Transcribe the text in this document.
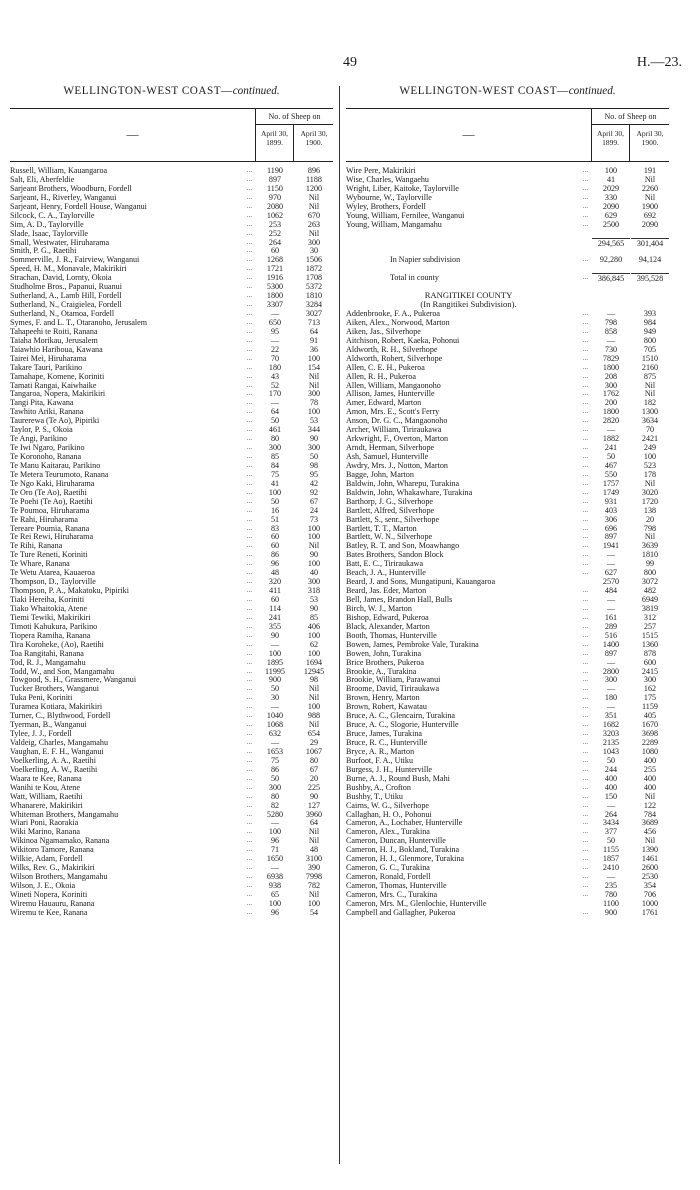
49	H.—23.
WELLINGTON-WEST COAST—continued.
—
No. of Sheep on
April 30, 1899.
April 30, 1900.
Russell, William, Kauangaroa	...	1190	896
Salt, Eli, Aberfeldie	...	897	1188
Sarjeant Brothers, Woodburn, Fordell	...	1150	1200
Sarjeant, H., Riverley, Wanganui	...	970	Nil
Sarjeant, Henry, Fordell House, Wanganui	...	2080	Nil
Silcock, C. A., Taylorville	...	1062	670
Sim, A. D., Taylorville	...	253	263
Slade, Isaac, Taylorville	...	252	Nil
Small, Westwater, Hiruharama	...	264	300
Smith, P. G., Raetihi	...	60	30
Sommerville, J. R., Fairview, Wanganui	...	1268	1506
Speed, H. M., Monavale, Makirikiri	...	1721	1872
Strachan, David, Lornty, Okoia	...	1916	1708
Studholme Bros., Papanui, Ruanui	...	5300	5372
Sutherland, A., Lamb Hill, Fordell	...	1800	1810
Sutherland, N., Craigielea, Fordell	...	3307	3284
Sutherland, N., Otamoa, Fordell	...	—	3027
Symes, F. and L. T., Otaranoho, Jerusalem	...	650	713
Tahapeehi te Roiti, Ranana	...	95	64
Taiaha Morikau, Jerusalem	...	—	91
Taiawhio Hariboua, Kawana	...	22	36
Tairei Mei, Hiruharama	...	70	100
Takare Tauri, Parikino	...	180	154
Tamahape, Komene, Koriniti	...	43	Nil
Tamati Rangai, Kaiwhaike	...	52	Nil
Tangaroa, Nopera, Makirikiri	...	170	300
Tangi Pita, Kawana	...	—	78
Tawhito Ariki, Ranana	...	64	100
Taurerewa (Te Ao), Pipiriki	...	50	53
Taylor, P. S., Okoia	...	461	344
Te Angi, Parikino	...	80	90
Te Iwi Ngaro, Parikino	...	300	300
Te Koronoho, Ranana	...	85	50
Te Manu Kaitarau, Parikino	...	84	98
Te Metera Teurumoto, Ranana	...	75	95
Te Ngo Kaki, Hiruharama	...	41	42
Te Oro (Te Ao), Raetihi	...	100	92
Te Poehi (Te Ao), Raetihi	...	50	67
Te Poumoa, Hiruharama	...	16	24
Te Rahi, Hiruharama	...	51	73
Tereare Poumia, Ranana	...	83	100
Te Rei Rewi, Hiruharama	...	60	100
Te Rihi, Ranana	...	60	Nil
Te Ture Reneti, Koriniti	...	86	90
Te Whare, Ranana	...	96	100
Te Wetu Atarea, Kauaeroa	...	48	40
Thompson, D., Taylorville	...	320	300
Thompson, P. A., Makatoku, Pipiriki	...	411	318
Tiaki Hereiha, Koriniti	...	60	53
Tiako Whaitokia, Atene	...	114	90
Tiemi Tewiki, Makirikiri	...	241	85
Timoti Kahukura, Parikino	...	355	406
Tiopera Ramiha, Ranana	...	90	100
Tira Koroheke, (Ao), Raetihi	...	—	62
Toa Rangitahi, Ranana	...	100	100
Tod, R. J., Mangamahu	...	1895	1694
Todd, W., and Son, Mangamahu	...	11995	12945
Towgood, S. H., Grassmere, Wanganui	...	900	98
Tucker Brothers, Wanganui	...	50	Nil
Tuka Peni, Koriniti	...	30	Nil
Turamea Kotiara, Makirikiri	...	—	100
Turner, C., Blythwood, Fordell	...	1040	988
Tyerman, B., Wanganui	...	1068	Nil
Tylee, J. J., Fordell	...	632	654
Valdeig, Charles, Mangamahu	...	—	29
Vaughan, E. F. H., Wanganui	...	1653	1067
Voelkerling, A. A., Raetihi	...	75	80
Voelkerling, A. W., Raetihi	...	86	67
Waara te Kee, Ranana	...	50	20
Wanihi te Kou, Atene	...	300	225
Watt, William, Raetihi	...	80	90
Whanarere, Makirikiri	...	82	127
Whiteman Brothers, Mangamahu	...	5280	3960
Wiari Poni, Raorakia	...	—	64
Wiki Marino, Ranana	...	100	Nil
Wikinoa Ngamamako, Ranana	...	96	Nil
Wikitoro Tamore, Ranana	...	71	48
Wilkie, Adam, Fordell	...	1650	3100
Wilks, Rev. G., Makirikiri	...	—	390
Wilson Brothers, Mangamahu	...	6938	7998
Wilson, J. E., Okoia	...	938	782
Wineti Nopera, Koriniti	...	65	Nil
Wiremu Hauauru, Ranana	...	100	100
Wiremu te Kee, Ranana	...	96	54
WELLINGTON-WEST COAST—continued.
—
No. of Sheep on
April 30, 1899.
April 30, 1900.
Wire Pere, Makirikiri	...	100	191
Wise, Charles, Wangaehu	...	41	Nil
Wright, Liber, Kaitoke, Taylorville	...	2029	2260
Wybourne, W., Taylorville	...	330	Nil
Wyley, Brothers, Fordell	...	2090	1900
Young, William, Fernilee, Wanganui	...	629	692
Young, William, Mangamahu	...	2500	2090
294,565	301,404
In Napier subdivision	...	92,280	94,124
Total in county	...	386,845	395,528
RANGITIKEI COUNTY
(In Rangitikei Subdivision).
Addenbrooke, F. A., Pukeroa	...	—	393
Aiken, Alex., Norwood, Marton	...	798	984
Aiken, Jas., Silverhope	...	858	949
Aitchison, Robert, Kaeka, Pohonui	...	—	800
Aldworth, R. H., Silverhope	...	730	705
Aldworth, Robert, Silverhope	...	7829	1510
Allen, C. E. H., Pukeroa	...	1800	2160
Allen, R. H., Pukeroa	...	208	875
Allen, William, Mangaonoho	...	300	Nil
Allison, James, Hunterville	...	1762	Nil
Amer, Edward, Marton	...	200	182
Amon, Mrs. E., Scott's Ferry	...	1800	1300
Anson, Dr. G. C., Mangaonoho	...	2820	3634
Archer, William, Tiriraukawa	...	—	70
Arkwright, F., Overton, Marton	...	1882	2421
Arndt, Herman, Silverhope	...	241	249
Ash, Samuel, Hunterville	...	50	100
Awdry, Mrs. J., Notton, Marton	...	467	523
Bagge, John, Marton	...	550	178
Baldwin, John, Wharepu, Turakina	...	1757	Nil
Baldwin, John, Whakawhare, Turakina	...	1749	3020
Barthorp, J. G., Silverhope	...	931	1720
Bartlett, Alfred, Silverhope	...	403	138
Bartlett, S., senr., Silverhope	...	306	20
Bartlett, T. T., Marton	...	696	798
Bartlett, W. N., Silverhope	...	897	Nil
Batley, R. T. and Son, Moawhango	...	1941	3639
Bates Brothers, Sandon Block	...	—	1810
Batt, E. C., Tiriraukawa	...	—	99
Beach, J. A., Hunterville	...	627	800
Beard, J. and Sons, Mungatipuni, Kauangaroa	2570	3072
Beard, Jas. Eder, Marton	...	484	482
Bell, James, Brandon Hall, Bulls	...	—	6949
Birch, W. J., Marton	...	—	3819
Bishop, Edward, Pukeroa	...	161	312
Black, Alexander, Marton	...	289	257
Booth, Thomas, Hunterville	...	516	1515
Bowen, James, Pembroke Vale, Turakina	...	1400	1360
Bowen, John, Turakina	...	897	878
Brice Brothers, Pukeroa	...	—	600
Brookie, A., Turakina	...	2800	2415
Brookie, William, Parawanui	...	300	300
Broome, David, Tiriraukawa	...	—	162
Brown, Henry, Marton	...	180	175
Brown, Robert, Kawatau	...	—	1159
Bruce, A. C., Glencairn, Turakina	...	351	405
Bruce, A. C., Slogorie, Hunterville	...	1682	1670
Bruce, James, Turakina	...	3203	3698
Bruce, R. C., Hunterville	...	2135	2289
Bryce, A. R., Marton	...	1043	1080
Burfoot, F. A., Utiku	...	50	400
Burgess, J. H., Hunterville	...	244	255
Burne, A. J., Round Bush, Mahi	...	400	400
Bushby, A., Crofton	...	400	400
Bushby, T., Utiku	...	150	Nil
Cairns, W. G., Silverhope	...	—	122
Callaghan, H. O., Pohonui	...	264	784
Cameron, A., Lochaber, Hunterville	...	3434	3689
Cameron, Alex., Turakina	...	377	456
Cameron, Duncan, Hunterville	...	50	Nil
Cameron, H. J., Bokland, Turakina	...	1155	1390
Cameron, H. J., Glenmore, Turakina	...	1857	1461
Cameron, G. C., Turakina	...	2410	2600
Cameron, Ronald, Fordell	...	—	2530
Cameron, Thomas, Hunterville	...	235	354
Cameron, Mrs. C., Turakina	...	780	706
Cameron, Mrs. M., Glenlochie, Hunterville	1100	1000
Campbell and Gallagher, Pukeroa	...	900	1761
